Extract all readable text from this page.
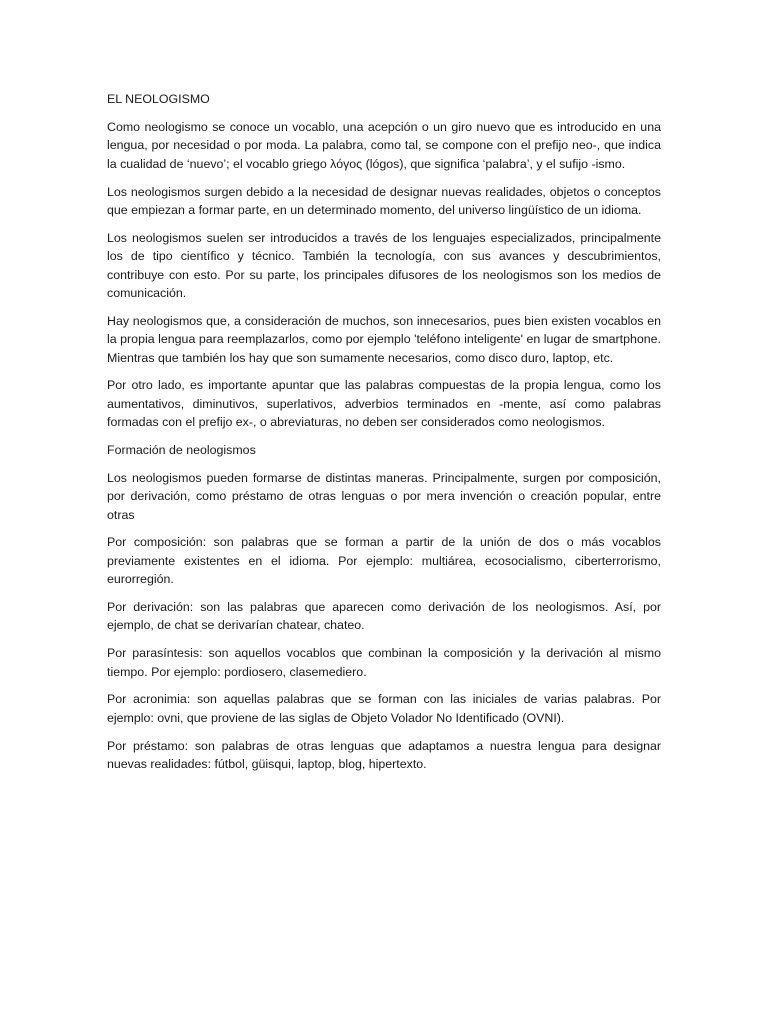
EL NEOLOGISMO

Como neologismo se conoce un vocablo, una acepción o un giro nuevo que es introducido en una lengua, por necesidad o por moda. La palabra, como tal, se compone con el prefijo neo-, que indica la cualidad de ‘nuevo’; el vocablo griego λόγος (lógos), que significa ‘palabra’, y el sufijo -ismo.

Los neologismos surgen debido a la necesidad de designar nuevas realidades, objetos o conceptos que empiezan a formar parte, en un determinado momento, del universo lingüístico de un idioma.

Los neologismos suelen ser introducidos a través de los lenguajes especializados, principalmente los de tipo científico y técnico. También la tecnología, con sus avances y descubrimientos, contribuye con esto. Por su parte, los principales difusores de los neologismos son los medios de comunicación.

Hay neologismos que, a consideración de muchos, son innecesarios, pues bien existen vocablos en la propia lengua para reemplazarlos, como por ejemplo 'teléfono inteligente' en lugar de smartphone. Mientras que también los hay que son sumamente necesarios, como disco duro, laptop, etc.

Por otro lado, es importante apuntar que las palabras compuestas de la propia lengua, como los aumentativos, diminutivos, superlativos, adverbios terminados en -mente, así como palabras formadas con el prefijo ex-, o abreviaturas, no deben ser considerados como neologismos.

Formación de neologismos

Los neologismos pueden formarse de distintas maneras. Principalmente, surgen por composición, por derivación, como préstamo de otras lenguas o por mera invención o creación popular, entre otras

Por composición: son palabras que se forman a partir de la unión de dos o más vocablos previamente existentes en el idioma. Por ejemplo: multiárea, ecosocialismo, ciberterrorismo, eurorregión.

Por derivación: son las palabras que aparecen como derivación de los neologismos. Así, por ejemplo, de chat se derivarían chatear, chateo.

Por parasíntesis: son aquellos vocablos que combinan la composición y la derivación al mismo tiempo. Por ejemplo: pordiosero, clasemediero.

Por acronimia: son aquellas palabras que se forman con las iniciales de varias palabras. Por ejemplo: ovni, que proviene de las siglas de Objeto Volador No Identificado (OVNI).

Por préstamo: son palabras de otras lenguas que adaptamos a nuestra lengua para designar nuevas realidades: fútbol, güisqui, laptop, blog, hipertexto.
